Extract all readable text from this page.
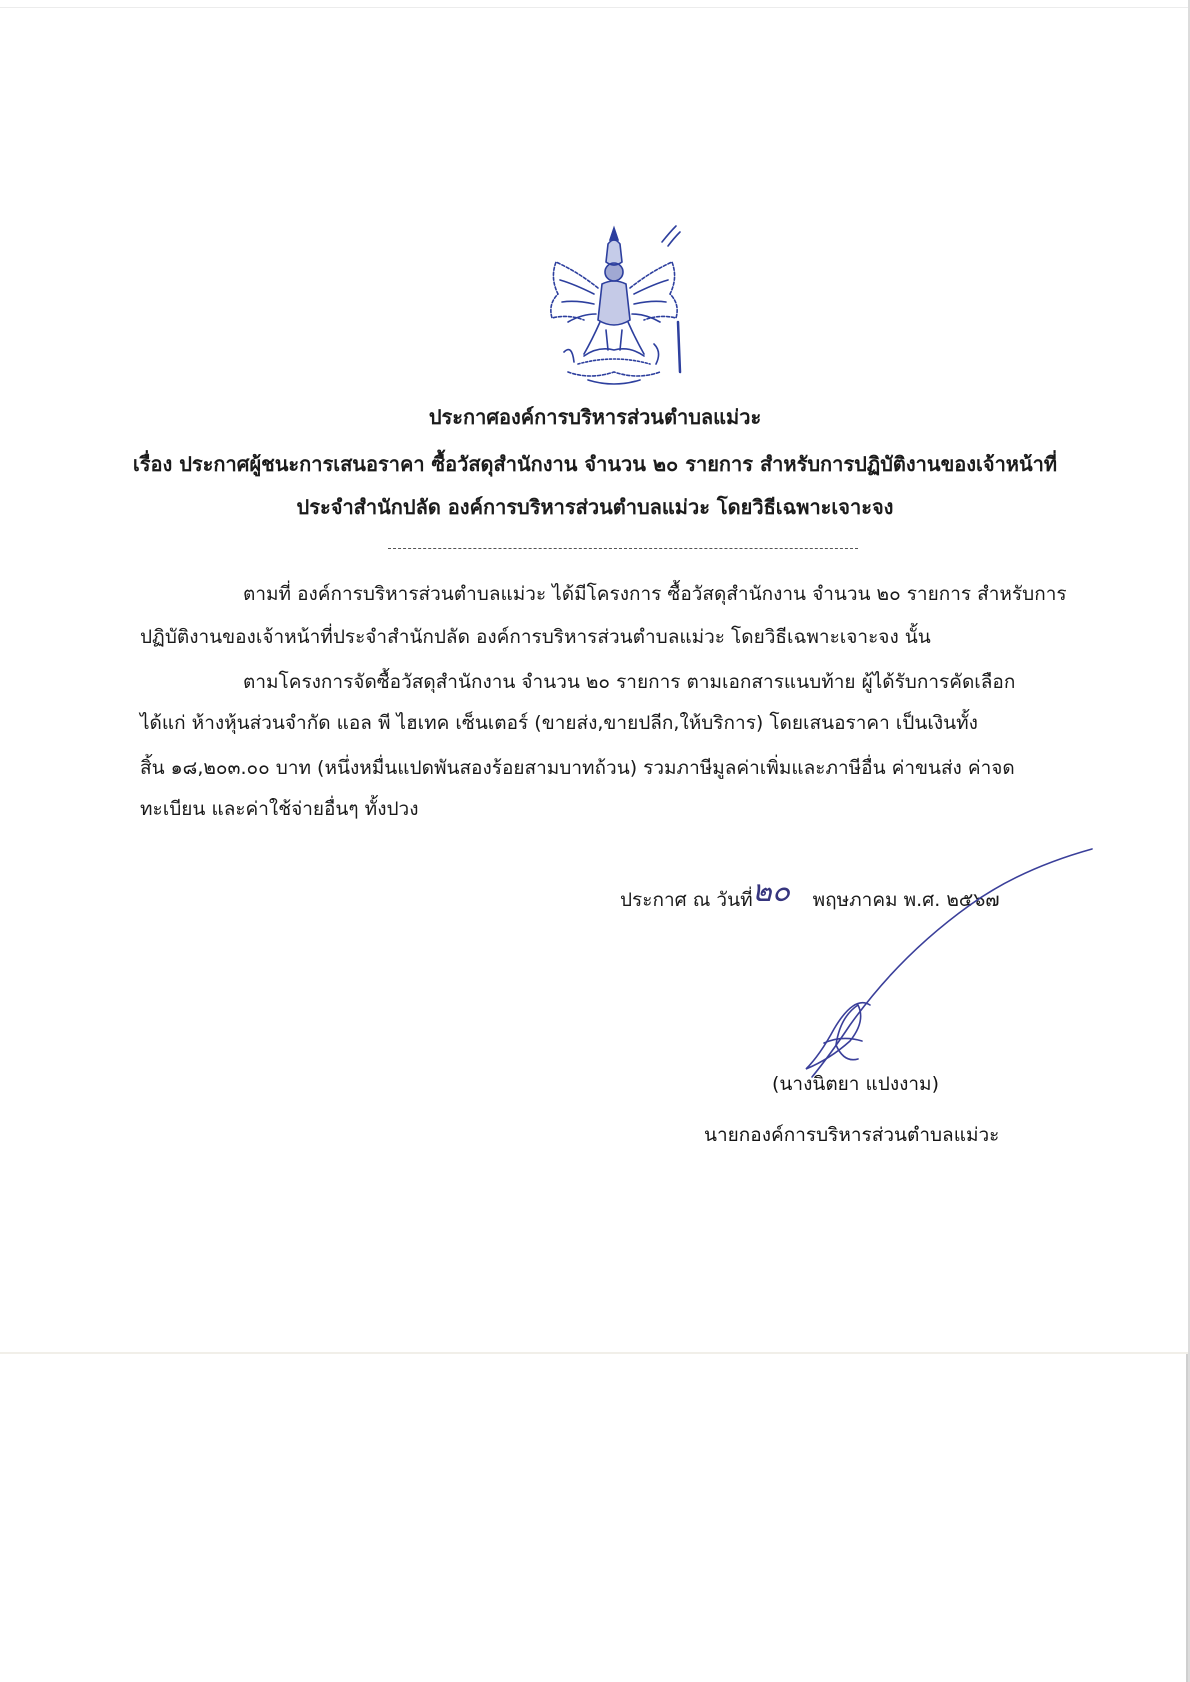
ประกาศองค์การบริหารส่วนตำบลแม่วะ
เรื่อง ประกาศผู้ชนะการเสนอราคา ซื้อวัสดุสำนักงาน จำนวน ๒๐ รายการ สำหรับการปฏิบัติงานของเจ้าหน้าที่
ประจำสำนักปลัด องค์การบริหารส่วนตำบลแม่วะ โดยวิธีเฉพาะเจาะจง
ตามที่ องค์การบริหารส่วนตำบลแม่วะ ได้มีโครงการ ซื้อวัสดุสำนักงาน จำนวน ๒๐ รายการ สำหรับการ
ปฏิบัติงานของเจ้าหน้าที่ประจำสำนักปลัด องค์การบริหารส่วนตำบลแม่วะ โดยวิธีเฉพาะเจาะจง นั้น
ตามโครงการจัดซื้อวัสดุสำนักงาน จำนวน ๒๐ รายการ ตามเอกสารแนบท้าย ผู้ได้รับการคัดเลือก
ได้แก่ ห้างหุ้นส่วนจำกัด แอล พี ไฮเทค เซ็นเตอร์ (ขายส่ง,ขายปลีก,ให้บริการ) โดยเสนอราคา เป็นเงินทั้ง
สิ้น ๑๘,๒๐๓.๐๐ บาท (หนึ่งหมื่นแปดพันสองร้อยสามบาทถ้วน) รวมภาษีมูลค่าเพิ่มและภาษีอื่น ค่าขนส่ง ค่าจด
ทะเบียน และค่าใช้จ่ายอื่นๆ ทั้งปวง
ประกาศ ณ วันที่	พฤษภาคม พ.ศ. ๒๕๖๗
๒๐
(นางนิตยา แปงงาม)
นายกองค์การบริหารส่วนตำบลแม่วะ
